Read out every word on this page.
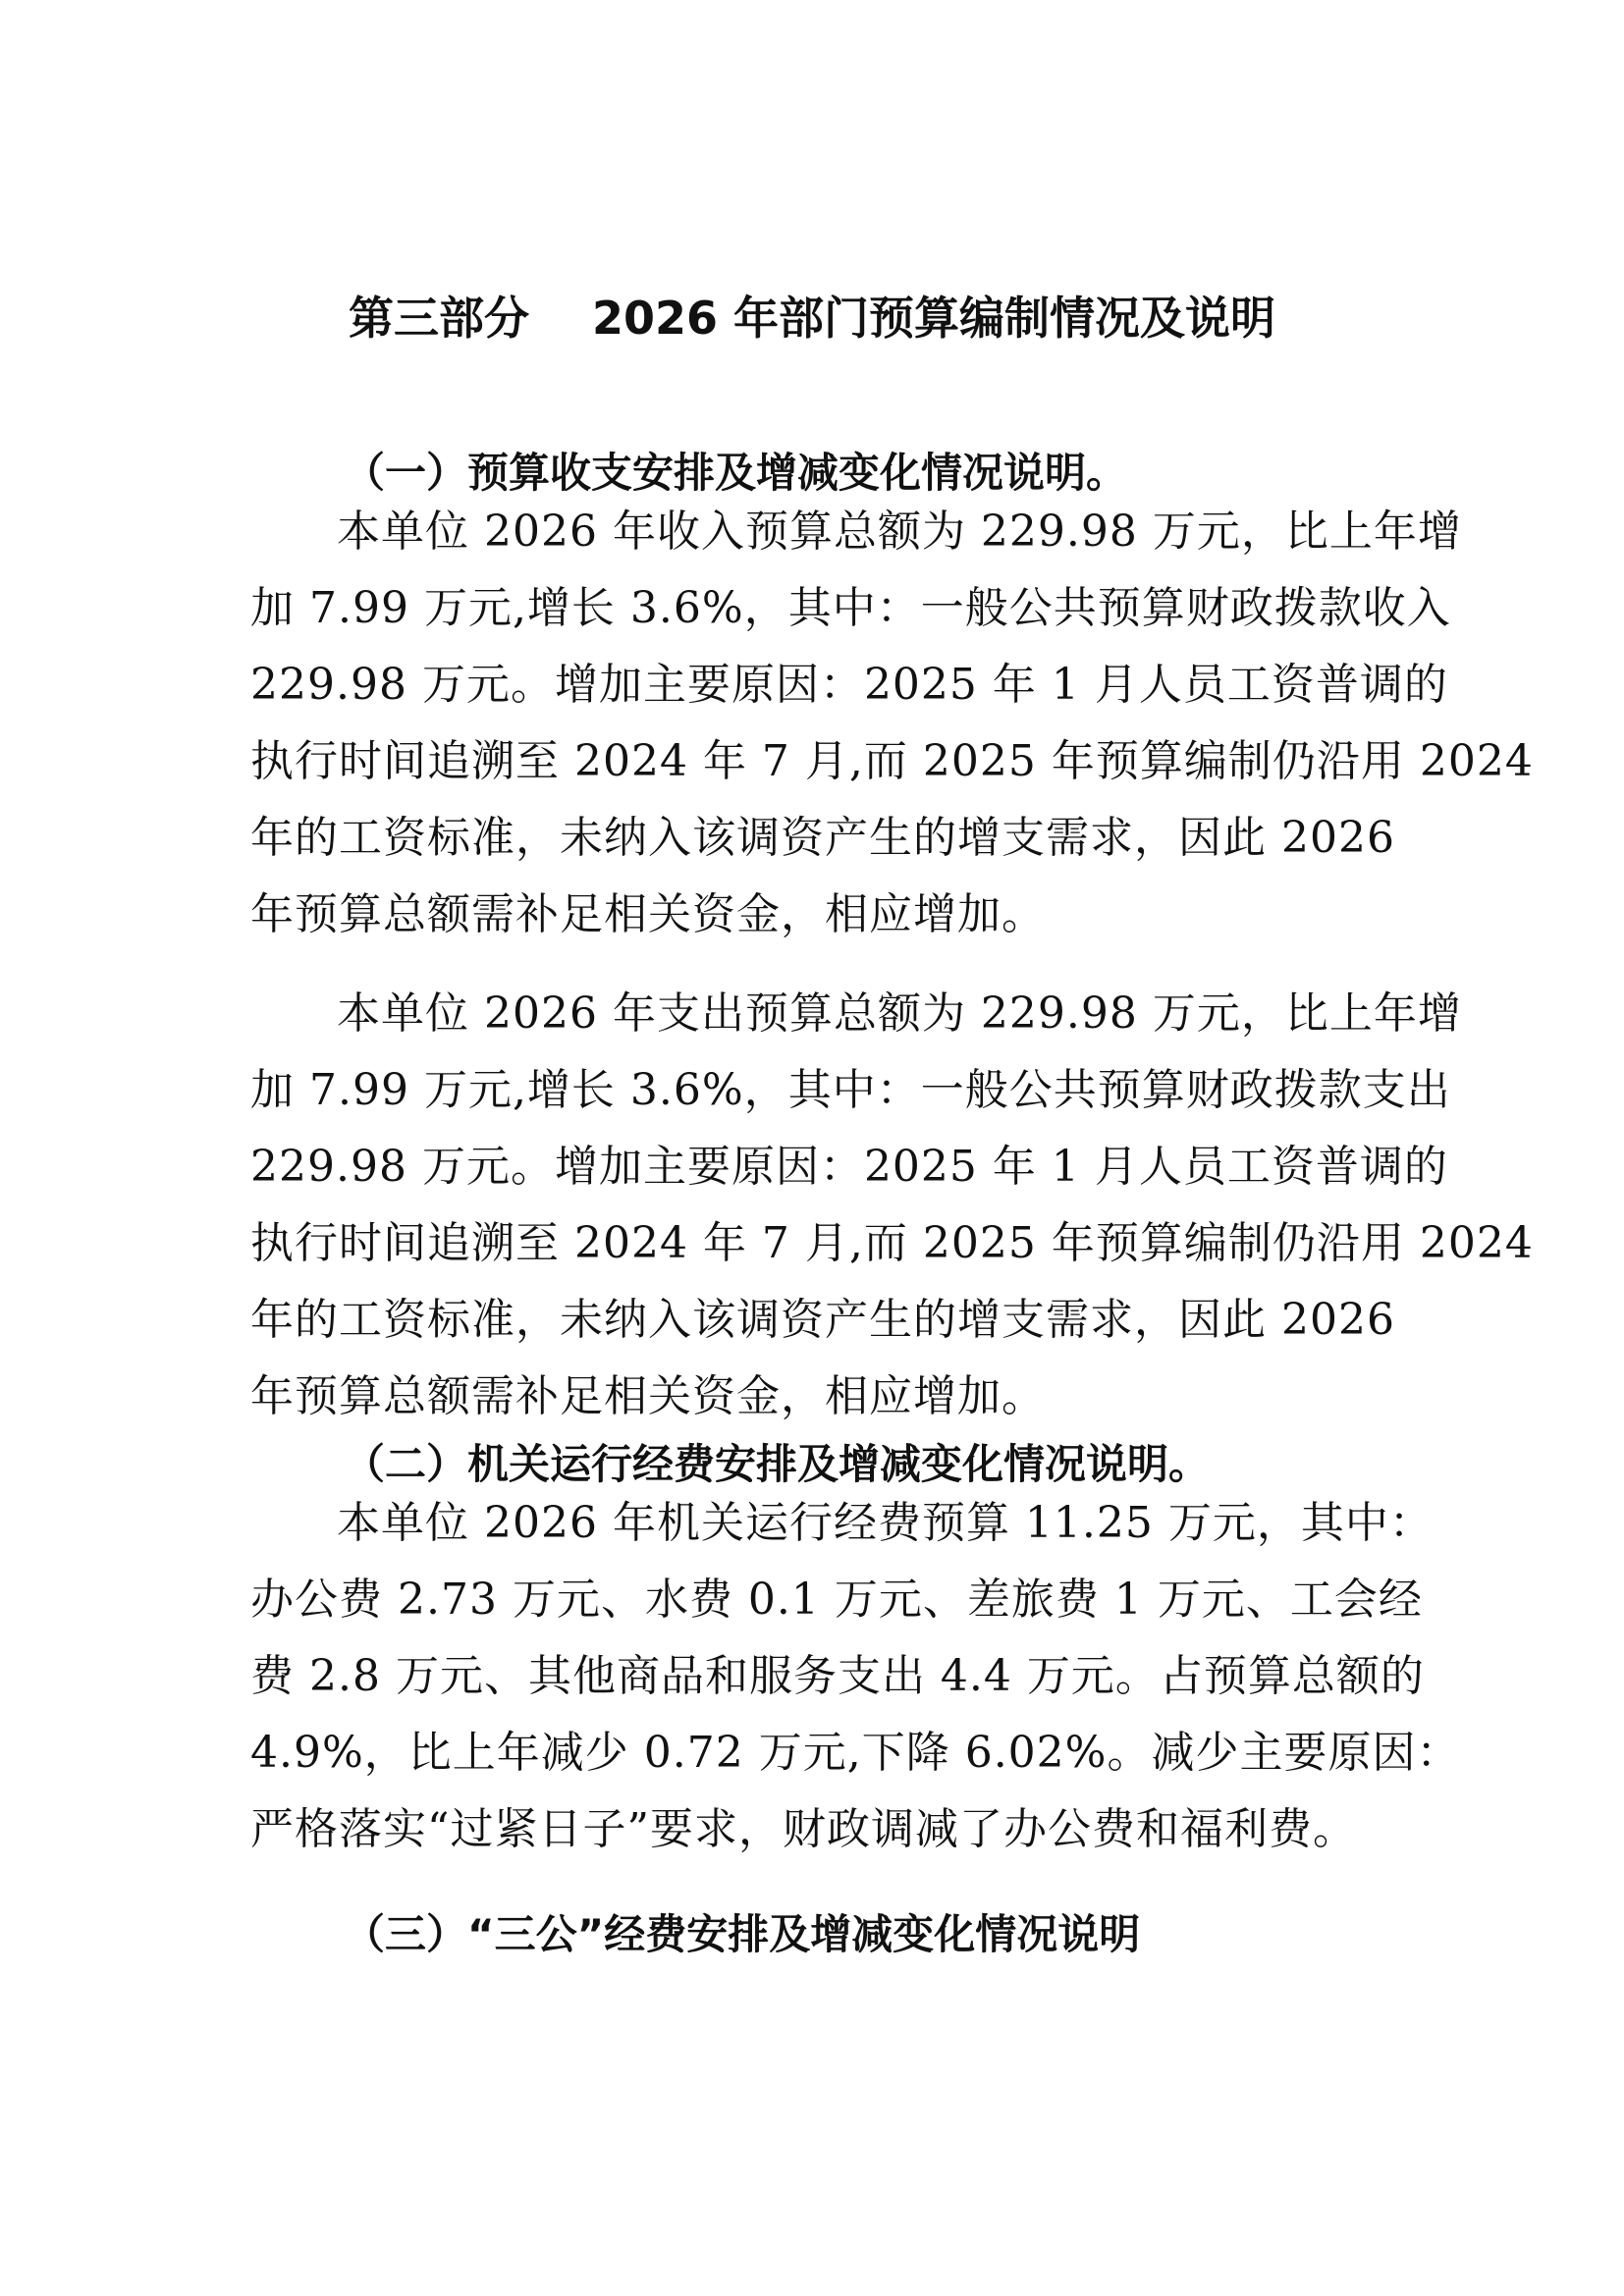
第三部分    2026 年部门预算编制情况及说明
（一）预算收支安排及增减变化情况说明。
本单位 2026 年收入预算总额为 229.98 万元，比上年增
加 7.99 万元,增长 3.6%，其中：一般公共预算财政拨款收入
229.98 万元。增加主要原因：2025 年 1 月人员工资普调的
执行时间追溯至 2024 年 7 月,而 2025 年预算编制仍沿用 2024
年的工资标准，未纳入该调资产生的增支需求，因此 2026
年预算总额需补足相关资金，相应增加。
本单位 2026 年支出预算总额为 229.98 万元，比上年增
加 7.99 万元,增长 3.6%，其中：一般公共预算财政拨款支出
229.98 万元。增加主要原因：2025 年 1 月人员工资普调的
执行时间追溯至 2024 年 7 月,而 2025 年预算编制仍沿用 2024
年的工资标准，未纳入该调资产生的增支需求，因此 2026
年预算总额需补足相关资金，相应增加。
（二）机关运行经费安排及增减变化情况说明。
本单位 2026 年机关运行经费预算 11.25 万元，其中：
办公费 2.73 万元、水费 0.1 万元、差旅费 1 万元、工会经
费 2.8 万元、其他商品和服务支出 4.4 万元。占预算总额的
4.9%，比上年减少 0.72 万元,下降 6.02%。减少主要原因：
严格落实“过紧日子”要求，财政调减了办公费和福利费。
（三）“三公”经费安排及增减变化情况说明
